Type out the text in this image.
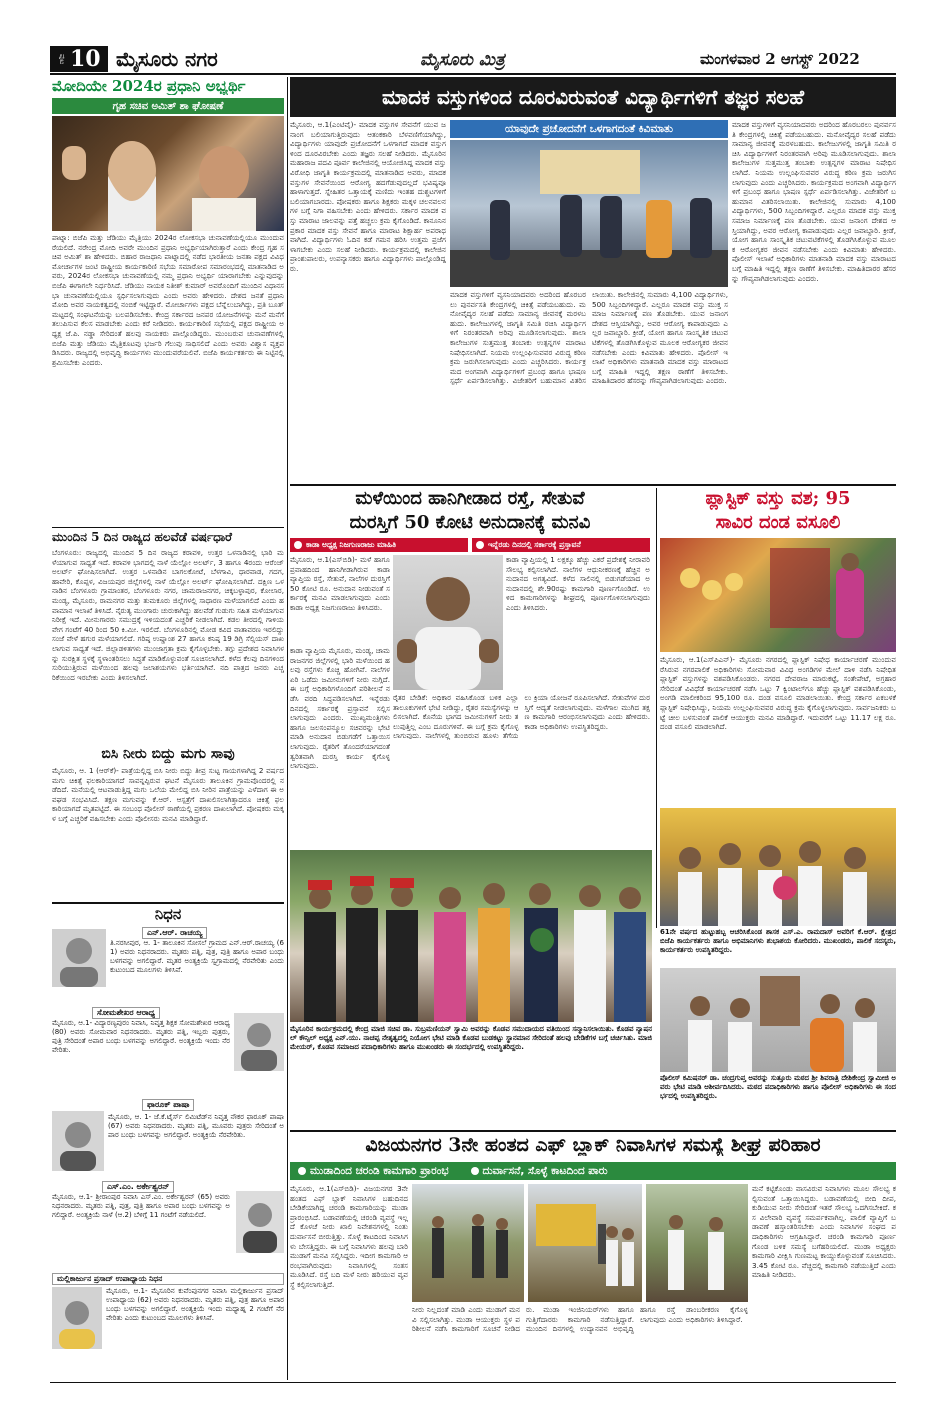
ಪುಟ 10 ಮೈಸೂರು ನಗರ	ಮೈಸೂರು ಮಿತ್ರ	ಮಂಗಳವಾರ 2 ಆಗಸ್ಟ್ 2022
ಮೋದಿಯೇ 2024ರ ಪ್ರಧಾನಿ ಅಭ್ಯರ್ಥಿ
ಗೃಹ ಸಚಿವ ಅಮಿತ್ ಶಾ ಘೋಷಣೆ
ಪಾಟ್ನಾ: ಬಿಜೆಪಿ ಮತ್ತು ಜೆಡಿಯು ಮೈತ್ರಿಯು 2024ರ ಲೋಕಸಭಾ ಚುನಾವಣೆಯಲ್ಲಿಯೂ ಮುಂದುವರೆಯಲಿದೆ. ನರೇಂದ್ರ ಮೋದಿ ಅವರೇ ಮುಂದಿನ ಪ್ರಧಾನಿ ಅಭ್ಯರ್ಥಿಯಾಗಿರುತ್ತಾರೆ ಎಂದು ಕೇಂದ್ರ ಗೃಹ ಸಚಿವ ಅಮಿತ್ ಶಾ ಹೇಳಿದರು. ಬಿಹಾರ ರಾಜಧಾನಿ ಪಾಟ್ನಾದಲ್ಲಿ ನಡೆದ ಭಾರತೀಯ ಜನತಾ ಪಕ್ಷದ ವಿವಿಧ ಮೋರ್ಚಾಗಳ ಜಂಟಿ ರಾಷ್ಟ್ರೀಯ ಕಾರ್ಯಕಾರಿಣಿ ಸಭೆಯ ಸಮಾರೋಪ ಸಮಾರಂಭದಲ್ಲಿ ಮಾತನಾಡಿದ ಅವರು, 2024ರ ಲೋಕಸಭಾ ಚುನಾವಣೆಯಲ್ಲಿ ನಮ್ಮ ಪ್ರಧಾನಿ ಅಭ್ಯರ್ಥಿ ಯಾರಾಗಬೇಕು ಎನ್ನುವುದನ್ನು ಬಿಜೆಪಿ ಈಗಾಗಲೇ ನಿರ್ಧರಿಸಿದೆ. ಜೆಡಿಯು ನಾಯಕ ನಿತೀಶ್ ಕುಮಾರ್ ಅವರೊಂದಿಗೆ ಮುಂದಿನ ವಿಧಾನಸಭಾ ಚುನಾವಣೆಯಲ್ಲಿಯೂ ಸ್ಪರ್ಧಿಸಲಾಗುವುದು ಎಂದು ಅವರು ಹೇಳಿದರು. ದೇಶದ ಜನತೆ ಪ್ರಧಾನಿ ಮೋದಿ ಅವರ ನಾಯಕತ್ವದಲ್ಲಿ ನಂಬಿಕೆ ಇಟ್ಟಿದ್ದಾರೆ. ಮೋರ್ಚಾಗಳು ಪಕ್ಷದ ಬೆನ್ನೆಲುಬಾಗಿದ್ದು, ಪ್ರತಿ ಬೂತ್ ಮಟ್ಟದಲ್ಲಿ ಸಂಘಟನೆಯನ್ನು ಬಲಪಡಿಸಬೇಕು. ಕೇಂದ್ರ ಸರ್ಕಾರದ ಜನಪರ ಯೋಜನೆಗಳನ್ನು ಮನೆ ಮನೆಗೆ ತಲುಪಿಸುವ ಕೆಲಸ ಮಾಡಬೇಕು ಎಂದು ಕರೆ ನೀಡಿದರು. ಕಾರ್ಯಕಾರಿಣಿ ಸಭೆಯಲ್ಲಿ ಪಕ್ಷದ ರಾಷ್ಟ್ರೀಯ ಅಧ್ಯಕ್ಷ ಜೆ.ಪಿ. ನಡ್ಡಾ ಸೇರಿದಂತೆ ಹಲವು ನಾಯಕರು ಪಾಲ್ಗೊಂಡಿದ್ದರು. ಮುಂಬರುವ ಚುನಾವಣೆಗಳಲ್ಲಿ ಬಿಜೆಪಿ ಮತ್ತು ಜೆಡಿಯು ಮೈತ್ರಿಕೂಟವು ಭರ್ಜರಿ ಗೆಲುವು ಸಾಧಿಸಲಿದೆ ಎಂದು ಅವರು ವಿಶ್ವಾಸ ವ್ಯಕ್ತಪಡಿಸಿದರು. ರಾಜ್ಯದಲ್ಲಿ ಅಭಿವೃದ್ಧಿ ಕಾರ್ಯಗಳು ಮುಂದುವರೆಯಲಿವೆ. ಬಿಜೆಪಿ ಕಾರ್ಯಕರ್ತರು ಈ ನಿಟ್ಟಿನಲ್ಲಿ ಶ್ರಮಿಸಬೇಕು ಎಂದರು.
ಮುಂದಿನ 5 ದಿನ ರಾಜ್ಯದ ಹಲವೆಡೆ ವರ್ಷಧಾರೆ
ಬೆಂಗಳೂರು: ರಾಜ್ಯದಲ್ಲಿ ಮುಂದಿನ 5 ದಿನ ರಾಜ್ಯದ ಕರಾವಳಿ, ಉತ್ತರ ಒಳನಾಡಿನಲ್ಲಿ ಭಾರಿ ಮಳೆಯಾಗುವ ಸಾಧ್ಯತೆ ಇದೆ. ಕರಾವಳಿ ಭಾಗದಲ್ಲಿ ನಾಳೆ ಯೆಲ್ಲೋ ಅಲರ್ಟ್, 3 ಹಾಗೂ 4ರಂದು ಆರೆಂಜ್ ಅಲರ್ಟ್ ಘೋಷಿಸಲಾಗಿದೆ. ಉತ್ತರ ಒಳನಾಡಿನ ಬಾಗಲಕೋಟೆ, ಬೆಳಗಾವಿ, ಧಾರವಾಡ, ಗದಗ, ಹಾವೇರಿ, ಕೊಪ್ಪಳ, ವಿಜಯಪುರ ಜಿಲ್ಲೆಗಳಲ್ಲಿ ನಾಳೆ ಯೆಲ್ಲೋ ಅಲರ್ಟ್ ಘೋಷಿಸಲಾಗಿದೆ. ದಕ್ಷಿಣ ಒಳನಾಡಿನ ಬೆಂಗಳೂರು ಗ್ರಾಮಾಂತರ, ಬೆಂಗಳೂರು ನಗರ, ಚಾಮರಾಜನಗರ, ಚಿಕ್ಕಬಳ್ಳಾಪುರ, ಕೋಲಾರ, ಮಂಡ್ಯ, ಮೈಸೂರು, ರಾಮನಗರ ಮತ್ತು ತುಮಕೂರು ಜಿಲ್ಲೆಗಳಲ್ಲಿ ಸಾಧಾರಣ ಮಳೆಯಾಗಲಿದೆ ಎಂದು ಹವಾಮಾನ ಇಲಾಖೆ ತಿಳಿಸಿದೆ. ನೈರುತ್ಯ ಮುಂಗಾರು ಚುರುಕಾಗಿದ್ದು ಹಲವೆಡೆ ಗುಡುಗು ಸಹಿತ ಮಳೆಯಾಗುವ ನಿರೀಕ್ಷೆ ಇದೆ. ಮೀನುಗಾರರು ಸಮುದ್ರಕ್ಕೆ ಇಳಿಯದಂತೆ ಎಚ್ಚರಿಕೆ ನೀಡಲಾಗಿದೆ. ಕಡಲ ತೀರದಲ್ಲಿ ಗಾಳಿಯ ವೇಗ ಗಂಟೆಗೆ 40 ರಿಂದ 50 ಕಿ.ಮೀ. ಇರಲಿದೆ. ಬೆಂಗಳೂರಿನಲ್ಲಿ ಮೋಡ ಕವಿದ ವಾತಾವರಣ ಇರಲಿದ್ದು ಸಂಜೆ ವೇಳೆ ಹಗುರ ಮಳೆಯಾಗಲಿದೆ. ಗರಿಷ್ಠ ಉಷ್ಣಾಂಶ 27 ಹಾಗೂ ಕನಿಷ್ಠ 19 ಡಿಗ್ರಿ ಸೆಲ್ಸಿಯಸ್ ದಾಖಲಾಗುವ ಸಾಧ್ಯತೆ ಇದೆ. ಜಿಲ್ಲಾಡಳಿತಗಳು ಮುಂಜಾಗ್ರತಾ ಕ್ರಮ ಕೈಗೊಳ್ಳಬೇಕು. ತಗ್ಗು ಪ್ರದೇಶದ ನಿವಾಸಿಗಳನ್ನು ಸುರಕ್ಷಿತ ಸ್ಥಳಕ್ಕೆ ಸ್ಥಳಾಂತರಿಸಲು ಸಿದ್ಧತೆ ಮಾಡಿಕೊಳ್ಳುವಂತೆ ಸೂಚಿಸಲಾಗಿದೆ. ಕಳೆದ ಕೆಲವು ದಿನಗಳಿಂದ ಸುರಿಯುತ್ತಿರುವ ಮಳೆಯಿಂದ ಹಲವು ಜಲಾಶಯಗಳು ಭರ್ತಿಯಾಗಿವೆ. ನದಿ ಪಾತ್ರದ ಜನರು ಎಚ್ಚರಿಕೆಯಿಂದ ಇರಬೇಕು ಎಂದು ತಿಳಿಸಲಾಗಿದೆ.
ಬಿಸಿ ನೀರು ಬಿದ್ದು ಮಗು ಸಾವು
ಮೈಸೂರು, ಆ. 1 (ಆರ್‌ಕೆ)- ಪಾತ್ರೆಯಲ್ಲಿದ್ದ ಬಿಸಿ ನೀರು ಬಿದ್ದು ತೀವ್ರ ಸುಟ್ಟ ಗಾಯಗಳಾಗಿದ್ದ 2 ವರ್ಷದ ಮಗು ಚಿಕಿತ್ಸೆ ಫಲಕಾರಿಯಾಗದೆ ಸಾವನ್ನಪ್ಪಿರುವ ಘಟನೆ ಮೈಸೂರು ತಾಲೂಕಿನ ಗ್ರಾಮವೊಂದರಲ್ಲಿ ನಡೆದಿದೆ. ಮನೆಯಲ್ಲಿ ಆಟವಾಡುತ್ತಿದ್ದ ಮಗು ಒಲೆಯ ಮೇಲಿದ್ದ ಬಿಸಿ ನೀರಿನ ಪಾತ್ರೆಯನ್ನು ಎಳೆದಾಗ ಈ ಅವಘಡ ಸಂಭವಿಸಿದೆ. ತಕ್ಷಣ ಮಗುವನ್ನು ಕೆ.ಆರ್. ಆಸ್ಪತ್ರೆಗೆ ದಾಖಲಿಸಲಾಗಿತ್ತಾದರೂ ಚಿಕಿತ್ಸೆ ಫಲಕಾರಿಯಾಗದೆ ಮೃತಪಟ್ಟಿದೆ. ಈ ಸಂಬಂಧ ಪೊಲೀಸ್ ಠಾಣೆಯಲ್ಲಿ ಪ್ರಕರಣ ದಾಖಲಾಗಿದೆ. ಪೋಷಕರು ಮಕ್ಕಳ ಬಗ್ಗೆ ಎಚ್ಚರಿಕೆ ವಹಿಸಬೇಕು ಎಂದು ಪೊಲೀಸರು ಮನವಿ ಮಾಡಿದ್ದಾರೆ.
ನಿಧನ
ಎನ್.ಆರ್. ರಾಚಯ್ಯ
ತಿ.ನರಸೀಪುರ, ಆ. 1- ತಾಲೂಕಿನ ಸೋಸಲೆ ಗ್ರಾಮದ ಎನ್.ಆರ್.ರಾಚಯ್ಯ (61) ಅವರು ನಿಧನರಾದರು. ಮೃತರು ಪತ್ನಿ, ಪುತ್ರ, ಪುತ್ರಿ ಹಾಗೂ ಅಪಾರ ಬಂಧು ಬಳಗವನ್ನು ಅಗಲಿದ್ದಾರೆ. ಮೃತರ ಅಂತ್ಯಕ್ರಿಯೆ ಸ್ವಗ್ರಾಮದಲ್ಲಿ ನೆರವೇರಿತು ಎಂದು ಕುಟುಂಬದ ಮೂಲಗಳು ತಿಳಿಸಿವೆ.
ಸೋಮಶೇಖರ ಆರಾಧ್ಯ
ಮೈಸೂರು, ಆ.1- ವಿದ್ಯಾರಣ್ಯಪುರಂ ನಿವಾಸಿ, ನಿವೃತ್ತ ಶಿಕ್ಷಕ ಸೋಮಶೇಖರ ಆರಾಧ್ಯ (80) ಅವರು ಸೋಮವಾರ ನಿಧನರಾದರು. ಮೃತರು ಪತ್ನಿ, ಇಬ್ಬರು ಪುತ್ರರು, ಪುತ್ರಿ ಸೇರಿದಂತೆ ಅಪಾರ ಬಂಧು ಬಳಗವನ್ನು ಅಗಲಿದ್ದಾರೆ. ಅಂತ್ಯಕ್ರಿಯೆ ಇಂದು ನೆರವೇರಿತು.
ಫಾರೂಕ್ ಪಾಷಾ
ಮೈಸೂರು, ಆ. 1- ಜೆ.ಕೆ.ಟೈರ್ಸ್ ಲಿಮಿಟೆಡ್‌ನ ನಿವೃತ್ತ ನೌಕರ ಫಾರೂಕ್ ಪಾಷಾ (67) ಅವರು ನಿಧನರಾದರು. ಮೃತರು ಪತ್ನಿ, ಮೂವರು ಪುತ್ರರು ಸೇರಿದಂತೆ ಅಪಾರ ಬಂಧು ಬಳಗವನ್ನು ಅಗಲಿದ್ದಾರೆ. ಅಂತ್ಯಕ್ರಿಯೆ ನೆರವೇರಿತು.
ಎಸ್.ಎಂ. ಅರ್ಕೇಶ್ವರನ್
ಮೈಸೂರು, ಆ.1- ಶ್ರೀರಾಂಪುರ ನಿವಾಸಿ ಎಸ್.ಎಂ. ಅರ್ಕೇಶ್ವರನ್ (65) ಅವರು ನಿಧನರಾದರು. ಮೃತರು ಪತ್ನಿ, ಪುತ್ರ, ಪುತ್ರಿ ಹಾಗೂ ಅಪಾರ ಬಂಧು ಬಳಗವನ್ನು ಅಗಲಿದ್ದಾರೆ. ಅಂತ್ಯಕ್ರಿಯೆ ನಾಳೆ (ಆ.2) ಬೆಳಿಗ್ಗೆ 11 ಗಂಟೆಗೆ ನಡೆಯಲಿದೆ.
ಮಲ್ಲಿಕಾರ್ಜುನ ಪ್ರಸಾದ್ ಉಪಾಧ್ಯಾಯ ನಿಧನ
ಮೈಸೂರು, ಆ.1- ಮೈಸೂರಿನ ಕುವೆಂಪುನಗರ ನಿವಾಸಿ ಮಲ್ಲಿಕಾರ್ಜುನ ಪ್ರಸಾದ್ ಉಪಾಧ್ಯಾಯ (62) ಅವರು ನಿಧನರಾದರು. ಮೃತರು ಪತ್ನಿ, ಪುತ್ರ ಹಾಗೂ ಅಪಾರ ಬಂಧು ಬಳಗವನ್ನು ಅಗಲಿದ್ದಾರೆ. ಅಂತ್ಯಕ್ರಿಯೆ ಇಂದು ಮಧ್ಯಾಹ್ನ 2 ಗಂಟೆಗೆ ನೆರವೇರಿತು ಎಂದು ಕುಟುಂಬದ ಮೂಲಗಳು ತಿಳಿಸಿವೆ.
ಮಾದಕ ವಸ್ತುಗಳಿಂದ ದೂರವಿರುವಂತೆ ವಿದ್ಯಾರ್ಥಿಗಳಿಗೆ ತಜ್ಞರ ಸಲಹೆ
ಮೈಸೂರು, ಆ.1(ಎಂಟಿವೈ)- ಮಾದಕ ವಸ್ತುಗಳ ಸೇವನೆಗೆ ಯುವ ಜನಾಂಗ ಬಲಿಯಾಗುತ್ತಿರುವುದು ಆತಂಕಕಾರಿ ಬೆಳವಣಿಗೆಯಾಗಿದ್ದು, ವಿದ್ಯಾರ್ಥಿಗಳು ಯಾವುದೇ ಪ್ರಚೋದನೆಗೆ ಒಳಗಾಗದೆ ಮಾದಕ ವಸ್ತುಗಳಿಂದ ದೂರವಿರಬೇಕು ಎಂದು ತಜ್ಞರು ಸಲಹೆ ನೀಡಿದರು. ಮೈಸೂರಿನ ಮಹಾರಾಜ ಪದವಿ ಪೂರ್ವ ಕಾಲೇಜಿನಲ್ಲಿ ಆಯೋಜಿಸಿದ್ದ ಮಾದಕ ವಸ್ತು ವಿರೋಧಿ ಜಾಗೃತಿ ಕಾರ್ಯಕ್ರಮದಲ್ಲಿ ಮಾತನಾಡಿದ ಅವರು, ಮಾದಕ ವಸ್ತುಗಳ ಸೇವನೆಯಿಂದ ಆರೋಗ್ಯ ಹದಗೆಡುವುದಲ್ಲದೆ ಭವಿಷ್ಯವೂ ಹಾಳಾಗುತ್ತದೆ. ಸ್ನೇಹಿತರ ಒತ್ತಾಯಕ್ಕೆ ಮಣಿದು ಇಂತಹ ದುಶ್ಚಟಗಳಿಗೆ ಬಲಿಯಾಗಬಾರದು. ಪೋಷಕರು ಹಾಗೂ ಶಿಕ್ಷಕರು ಮಕ್ಕಳ ಚಲನವಲನಗಳ ಬಗ್ಗೆ ನಿಗಾ ವಹಿಸಬೇಕು ಎಂದು ಹೇಳಿದರು. ಸರ್ಕಾರ ಮಾದಕ ವಸ್ತು ಮಾರಾಟ ಜಾಲವನ್ನು ಪತ್ತೆ ಹಚ್ಚಲು ಕ್ರಮ ಕೈಗೊಂಡಿದೆ. ಕಾನೂನಿನ ಪ್ರಕಾರ ಮಾದಕ ವಸ್ತು ಸೇವನೆ ಹಾಗೂ ಮಾರಾಟ ಶಿಕ್ಷಾರ್ಹ ಅಪರಾಧವಾಗಿದೆ. ವಿದ್ಯಾರ್ಥಿಗಳು ಓದಿನ ಕಡೆ ಗಮನ ಹರಿಸಿ ಉತ್ತಮ ಪ್ರಜೆಗಳಾಗಬೇಕು ಎಂದು ಸಲಹೆ ನೀಡಿದರು. ಕಾರ್ಯಕ್ರಮದಲ್ಲಿ ಕಾಲೇಜಿನ ಪ್ರಾಂಶುಪಾಲರು, ಉಪನ್ಯಾಸಕರು ಹಾಗೂ ವಿದ್ಯಾರ್ಥಿಗಳು ಪಾಲ್ಗೊಂಡಿದ್ದರು.
ಯಾವುದೇ ಪ್ರಚೋದನೆಗೆ ಒಳಗಾಗದಂತೆ ಕಿವಿಮಾತು	ಮಾದಕ ವಸ್ತುಗಳಿಗೆ ವ್ಯಸನಿಯಾದವರು ಅದರಿಂದ ಹೊರಬರಲು ಪುನರ್ವಸತಿ ಕೇಂದ್ರಗಳಲ್ಲಿ ಚಿಕಿತ್ಸೆ ಪಡೆಯಬಹುದು. ಮನೋವೈದ್ಯರ ಸಲಹೆ ಪಡೆದು ಸಾಮಾನ್ಯ ಜೀವನಕ್ಕೆ ಮರಳಬಹುದು. ಕಾಲೇಜುಗಳಲ್ಲಿ ಜಾಗೃತಿ ಸಮಿತಿ ರಚಿಸಿ ವಿದ್ಯಾರ್ಥಿಗಳಿಗೆ ನಿರಂತರವಾಗಿ ಅರಿವು ಮೂಡಿಸಲಾಗುವುದು. ಶಾಲಾ ಕಾಲೇಜುಗಳ ಸುತ್ತಮುತ್ತ ತಂಬಾಕು ಉತ್ಪನ್ನಗಳ ಮಾರಾಟ ನಿಷೇಧಿಸಲಾಗಿದೆ. ನಿಯಮ ಉಲ್ಲಂಘಿಸುವವರ ವಿರುದ್ಧ ಕಠಿಣ ಕ್ರಮ ಜರುಗಿಸಲಾಗುವುದು ಎಂದು ಎಚ್ಚರಿಸಿದರು. ಕಾರ್ಯಕ್ರಮದ ಅಂಗವಾಗಿ ವಿದ್ಯಾರ್ಥಿಗಳಿಗೆ ಪ್ರಬಂಧ ಹಾಗೂ ಭಾಷಣ ಸ್ಪರ್ಧೆ ಏರ್ಪಡಿಸಲಾಗಿತ್ತು. ವಿಜೇತರಿಗೆ ಬಹುಮಾನ ವಿತರಿಸಲಾಯಿತು. ಕಾಲೇಜಿನಲ್ಲಿ ಸುಮಾರು 4,100 ವಿದ್ಯಾರ್ಥಿಗಳು, 500 ಸಿಬ್ಬಂದಿಗಳಿದ್ದಾರೆ. ಎಲ್ಲರೂ ಮಾದಕ ವಸ್ತು ಮುಕ್ತ ಸಮಾಜ ನಿರ್ಮಾಣಕ್ಕೆ ಪಣ ತೊಡಬೇಕು. ಯುವ ಜನಾಂಗ ದೇಶದ ಆಸ್ತಿಯಾಗಿದ್ದು, ಅವರ ಆರೋಗ್ಯ ಕಾಪಾಡುವುದು ಎಲ್ಲರ ಜವಾಬ್ದಾರಿ. ಕ್ರೀಡೆ, ಯೋಗ ಹಾಗೂ ಸಾಂಸ್ಕೃತಿಕ ಚಟುವಟಿಕೆಗಳಲ್ಲಿ ತೊಡಗಿಸಿಕೊಳ್ಳುವ ಮೂಲಕ ಆರೋಗ್ಯಕರ ಜೀವನ ನಡೆಸಬೇಕು ಎಂದು ಕಿವಿಮಾತು ಹೇಳಿದರು. ಪೊಲೀಸ್ ಇಲಾಖೆ ಅಧಿಕಾರಿಗಳು ಮಾತನಾಡಿ ಮಾದಕ ವಸ್ತು ಮಾರಾಟದ ಬಗ್ಗೆ ಮಾಹಿತಿ ಇದ್ದಲ್ಲಿ ತಕ್ಷಣ ಠಾಣೆಗೆ ತಿಳಿಸಬೇಕು. ಮಾಹಿತಿದಾರರ ಹೆಸರನ್ನು ಗೌಪ್ಯವಾಗಿಡಲಾಗುವುದು ಎಂದರು.
ಮಾದಕ ವಸ್ತುಗಳಿಗೆ ವ್ಯಸನಿಯಾದವರು ಅದರಿಂದ ಹೊರಬರಲು ಪುನರ್ವಸತಿ ಕೇಂದ್ರಗಳಲ್ಲಿ ಚಿಕಿತ್ಸೆ ಪಡೆಯಬಹುದು. ಮನೋವೈದ್ಯರ ಸಲಹೆ ಪಡೆದು ಸಾಮಾನ್ಯ ಜೀವನಕ್ಕೆ ಮರಳಬಹುದು. ಕಾಲೇಜುಗಳಲ್ಲಿ ಜಾಗೃತಿ ಸಮಿತಿ ರಚಿಸಿ ವಿದ್ಯಾರ್ಥಿಗಳಿಗೆ ನಿರಂತರವಾಗಿ ಅರಿವು ಮೂಡಿಸಲಾಗುವುದು. ಶಾಲಾ ಕಾಲೇಜುಗಳ ಸುತ್ತಮುತ್ತ ತಂಬಾಕು ಉತ್ಪನ್ನಗಳ ಮಾರಾಟ ನಿಷೇಧಿಸಲಾಗಿದೆ. ನಿಯಮ ಉಲ್ಲಂಘಿಸುವವರ ವಿರುದ್ಧ ಕಠಿಣ ಕ್ರಮ ಜರುಗಿಸಲಾಗುವುದು ಎಂದು ಎಚ್ಚರಿಸಿದರು. ಕಾರ್ಯಕ್ರಮದ ಅಂಗವಾಗಿ ವಿದ್ಯಾರ್ಥಿಗಳಿಗೆ ಪ್ರಬಂಧ ಹಾಗೂ ಭಾಷಣ ಸ್ಪರ್ಧೆ ಏರ್ಪಡಿಸಲಾಗಿತ್ತು. ವಿಜೇತರಿಗೆ ಬಹುಮಾನ ವಿತರಿಸಲಾಯಿತು. ಕಾಲೇಜಿನಲ್ಲಿ ಸುಮಾರು 4,100 ವಿದ್ಯಾರ್ಥಿಗಳು, 500 ಸಿಬ್ಬಂದಿಗಳಿದ್ದಾರೆ. ಎಲ್ಲರೂ ಮಾದಕ ವಸ್ತು ಮುಕ್ತ ಸಮಾಜ ನಿರ್ಮಾಣಕ್ಕೆ ಪಣ ತೊಡಬೇಕು. ಯುವ ಜನಾಂಗ ದೇಶದ ಆಸ್ತಿಯಾಗಿದ್ದು, ಅವರ ಆರೋಗ್ಯ ಕಾಪಾಡುವುದು ಎಲ್ಲರ ಜವಾಬ್ದಾರಿ. ಕ್ರೀಡೆ, ಯೋಗ ಹಾಗೂ ಸಾಂಸ್ಕೃತಿಕ ಚಟುವಟಿಕೆಗಳಲ್ಲಿ ತೊಡಗಿಸಿಕೊಳ್ಳುವ ಮೂಲಕ ಆರೋಗ್ಯಕರ ಜೀವನ ನಡೆಸಬೇಕು ಎಂದು ಕಿವಿಮಾತು ಹೇಳಿದರು. ಪೊಲೀಸ್ ಇಲಾಖೆ ಅಧಿಕಾರಿಗಳು ಮಾತನಾಡಿ ಮಾದಕ ವಸ್ತು ಮಾರಾಟದ ಬಗ್ಗೆ ಮಾಹಿತಿ ಇದ್ದಲ್ಲಿ ತಕ್ಷಣ ಠಾಣೆಗೆ ತಿಳಿಸಬೇಕು. ಮಾಹಿತಿದಾರರ ಹೆಸರನ್ನು ಗೌಪ್ಯವಾಗಿಡಲಾಗುವುದು ಎಂದರು.
ಮಳೆಯಿಂದ ಹಾನಿಗೀಡಾದ ರಸ್ತೆ, ಸೇತುವೆ
ದುರಸ್ತಿಗೆ 50 ಕೋಟಿ ಅನುದಾನಕ್ಕೆ ಮನವಿ
ಕಾಡಾ ಅಧ್ಯಕ್ಷ ನಿಜಗುಣರಾಜು ಮಾಹಿತಿ	ಇನ್ನೆರಡು ದಿನದಲ್ಲಿ ಸರ್ಕಾರಕ್ಕೆ ಪ್ರಸ್ತಾವನೆ
ಮೈಸೂರು, ಆ.1(ಎಸ್‌ಬಿಡಿ)- ಮಳೆ ಹಾಗೂ ಪ್ರವಾಹದಿಂದ ಹಾನಿಗೀಡಾಗಿರುವ ಕಾಡಾ ವ್ಯಾಪ್ತಿಯ ರಸ್ತೆ, ಸೇತುವೆ, ನಾಲೆಗಳ ದುರಸ್ತಿಗೆ 50 ಕೋಟಿ ರೂ. ಅನುದಾನ ನೀಡುವಂತೆ ಸರ್ಕಾರಕ್ಕೆ ಮನವಿ ಮಾಡಲಾಗುವುದು ಎಂದು ಕಾಡಾ ಅಧ್ಯಕ್ಷ ನಿಜಗುಣರಾಜು ತಿಳಿಸಿದರು.
ಕಾಡಾ ವ್ಯಾಪ್ತಿಯಲ್ಲಿ 1 ಲಕ್ಷಕ್ಕೂ ಹೆಚ್ಚು ಎಕರೆ ಪ್ರದೇಶಕ್ಕೆ ನೀರಾವರಿ ಸೌಲಭ್ಯ ಕಲ್ಪಿಸಲಾಗಿದೆ. ನಾಲೆಗಳ ಆಧುನೀಕರಣಕ್ಕೆ ಹೆಚ್ಚಿನ ಅನುದಾನದ ಅಗತ್ಯವಿದೆ. ಕಳೆದ ಸಾಲಿನಲ್ಲಿ ಬಿಡುಗಡೆಯಾದ ಅನುದಾನದಲ್ಲಿ ಶೇ.90ರಷ್ಟು ಕಾಮಗಾರಿ ಪೂರ್ಣಗೊಂಡಿದೆ. ಉಳಿದ ಕಾಮಗಾರಿಗಳನ್ನು ಶೀಘ್ರದಲ್ಲಿ ಪೂರ್ಣಗೊಳಿಸಲಾಗುವುದು ಎಂದು ತಿಳಿಸಿದರು.
ಕಾಡಾ ವ್ಯಾಪ್ತಿಯ ಮೈಸೂರು, ಮಂಡ್ಯ, ಚಾಮರಾಜನಗರ ಜಿಲ್ಲೆಗಳಲ್ಲಿ ಭಾರಿ ಮಳೆಯಿಂದ ಹಲವು ರಸ್ತೆಗಳು ಕೊಚ್ಚಿ ಹೋಗಿವೆ. ನಾಲೆಗಳ ಏರಿ ಒಡೆದು ಜಮೀನುಗಳಿಗೆ ನೀರು ನುಗ್ಗಿದೆ. ಈ ಬಗ್ಗೆ ಅಧಿಕಾರಿಗಳೊಂದಿಗೆ ಪರಿಶೀಲನೆ ನಡೆಸಿ ವರದಿ ಸಿದ್ಧಪಡಿಸಲಾಗಿದೆ. ಇನ್ನೆರಡು ದಿನದಲ್ಲಿ ಸರ್ಕಾರಕ್ಕೆ ಪ್ರಸ್ತಾವನೆ ಸಲ್ಲಿಸಲಾಗುವುದು ಎಂದರು. ಮುಖ್ಯಮಂತ್ರಿಗಳು ಹಾಗೂ ಜಲಸಂಪನ್ಮೂಲ ಸಚಿವರನ್ನು ಭೇಟಿ ಮಾಡಿ ಅನುದಾನ ಬಿಡುಗಡೆಗೆ ಒತ್ತಾಯಿಸಲಾಗುವುದು. ರೈತರಿಗೆ ತೊಂದರೆಯಾಗದಂತೆ ತ್ವರಿತವಾಗಿ ದುರಸ್ತಿ ಕಾರ್ಯ ಕೈಗೊಳ್ಳಲಾಗುವುದು.
ರೈತರ ಬೇಡಿಕೆ: ಅಧಿಕಾರ ವಹಿಸಿಕೊಂಡ ಬಳಿಕ ಎಲ್ಲಾ ತಾಲೂಕುಗಳಿಗೆ ಭೇಟಿ ನೀಡಿದ್ದು, ರೈತರ ಸಮಸ್ಯೆಗಳನ್ನು ಆಲಿಸಲಾಗಿದೆ. ಕೊನೆಯ ಭಾಗದ ಜಮೀನುಗಳಿಗೆ ನೀರು ತಲುಪುತ್ತಿಲ್ಲ ಎಂಬ ದೂರುಗಳಿವೆ. ಈ ಬಗ್ಗೆ ಕ್ರಮ ಕೈಗೊಳ್ಳಲಾಗುವುದು. ನಾಲೆಗಳಲ್ಲಿ ತುಂಬಿರುವ ಹೂಳು ತೆಗೆಯಲು ಕ್ರಿಯಾ ಯೋಜನೆ ರೂಪಿಸಲಾಗಿದೆ. ಸೇತುವೆಗಳ ದುರಸ್ತಿಗೆ ಆದ್ಯತೆ ನೀಡಲಾಗುವುದು. ಮಳೆಗಾಲ ಮುಗಿದ ತಕ್ಷಣ ಕಾಮಗಾರಿ ಆರಂಭಿಸಲಾಗುವುದು ಎಂದು ಹೇಳಿದರು. ಕಾಡಾ ಅಧಿಕಾರಿಗಳು ಉಪಸ್ಥಿತರಿದ್ದರು.
ಪ್ಲಾಸ್ಟಿಕ್ ವಸ್ತು ವಶ; 95
ಸಾವಿರ ದಂಡ ವಸೂಲಿ
ಮೈಸೂರು, ಆ.1(ಎಸ್‌ಪಿಎನ್)- ಮೈಸೂರು ನಗರದಲ್ಲಿ ಪ್ಲಾಸ್ಟಿಕ್ ನಿಷೇಧ ಕಾರ್ಯಾಚರಣೆ ಮುಂದುವರೆಸಿರುವ ನಗರಪಾಲಿಕೆ ಅಧಿಕಾರಿಗಳು ಸೋಮವಾರ ವಿವಿಧ ಅಂಗಡಿಗಳ ಮೇಲೆ ದಾಳಿ ನಡೆಸಿ ನಿಷೇಧಿತ ಪ್ಲಾಸ್ಟಿಕ್ ವಸ್ತುಗಳನ್ನು ವಶಪಡಿಸಿಕೊಂಡರು. ನಗರದ ದೇವರಾಜ ಮಾರುಕಟ್ಟೆ, ಸಂತೇಪೇಟೆ, ಅಗ್ರಹಾರ ಸೇರಿದಂತೆ ವಿವಿಧೆಡೆ ಕಾರ್ಯಾಚರಣೆ ನಡೆಸಿ ಒಟ್ಟು 7 ಕ್ವಿಂಟಾಲ್‌ಗೂ ಹೆಚ್ಚು ಪ್ಲಾಸ್ಟಿಕ್ ವಶಪಡಿಸಿಕೊಂಡು, ಅಂಗಡಿ ಮಾಲೀಕರಿಂದ 95,100 ರೂ. ದಂಡ ವಸೂಲಿ ಮಾಡಲಾಯಿತು. ಕೇಂದ್ರ ಸರ್ಕಾರ ಏಕಬಳಕೆ ಪ್ಲಾಸ್ಟಿಕ್ ನಿಷೇಧಿಸಿದ್ದು, ನಿಯಮ ಉಲ್ಲಂಘಿಸುವವರ ವಿರುದ್ಧ ಕ್ರಮ ಕೈಗೊಳ್ಳಲಾಗುವುದು. ಸಾರ್ವಜನಿಕರು ಬಟ್ಟೆ ಚೀಲ ಬಳಸುವಂತೆ ಪಾಲಿಕೆ ಆಯುಕ್ತರು ಮನವಿ ಮಾಡಿದ್ದಾರೆ. ಇದುವರೆಗೆ ಒಟ್ಟು 11.17 ಲಕ್ಷ ರೂ. ದಂಡ ವಸೂಲಿ ಮಾಡಲಾಗಿದೆ.
61ನೇ ವರ್ಷದ ಹುಟ್ಟುಹಬ್ಬ ಆಚರಿಸಿಕೊಂಡ ಶಾಸಕ ಎಸ್.ಎ. ರಾಮದಾಸ್ ಅವರಿಗೆ ಕೆ.ಆರ್. ಕ್ಷೇತ್ರದ ಬಿಜೆಪಿ ಕಾರ್ಯಕರ್ತರು ಹಾಗೂ ಅಭಿಮಾನಿಗಳು ಶುಭಾಶಯ ಕೋರಿದರು. ಮುಖಂಡರು, ಪಾಲಿಕೆ ಸದಸ್ಯರು, ಕಾರ್ಯಕರ್ತರು ಉಪಸ್ಥಿತರಿದ್ದರು.
ಪೊಲೀಸ್ ಕಮಿಷನರ್ ಡಾ. ಚಂದ್ರಗುಪ್ತ ಅವರನ್ನು ಸುತ್ತೂರು ಮಠದ ಶ್ರೀ ಶಿವರಾತ್ರಿ ದೇಶಿಕೇಂದ್ರ ಸ್ವಾಮೀಜಿ ಅವರು ಭೇಟಿ ಮಾಡಿ ಆಶೀರ್ವದಿಸಿದರು. ಮಠದ ಪದಾಧಿಕಾರಿಗಳು ಹಾಗೂ ಪೊಲೀಸ್ ಅಧಿಕಾರಿಗಳು ಈ ಸಂದರ್ಭದಲ್ಲಿ ಉಪಸ್ಥಿತರಿದ್ದರು.
ಮೈಸೂರಿನ ಕಾರ್ಯಕ್ರಮದಲ್ಲಿ ಕೇಂದ್ರ ಮಾಜಿ ಸಚಿವ ಡಾ. ಸುಬ್ರಮಣಿಯನ್ ಸ್ವಾಮಿ ಅವರನ್ನು ಕೊಡವ ಸಮುದಾಯದ ವತಿಯಿಂದ ಸನ್ಮಾನಿಸಲಾಯಿತು. ಕೊಡವ ನ್ಯಾಷನಲ್ ಕೌನ್ಸಿಲ್ ಅಧ್ಯಕ್ಷ ಎನ್.ಯು. ನಾಚಪ್ಪ ನೇತೃತ್ವದಲ್ಲಿ ನಿಯೋಗ ಭೇಟಿ ಮಾಡಿ ಕೊಡವ ಬುಡಕಟ್ಟು ಸ್ಥಾನಮಾನ ಸೇರಿದಂತೆ ಹಲವು ಬೇಡಿಕೆಗಳ ಬಗ್ಗೆ ಚರ್ಚಿಸಿತು. ಮಾಜಿ ಮೇಯರ್, ಕೊಡವ ಸಮಾಜದ ಪದಾಧಿಕಾರಿಗಳು ಹಾಗೂ ಮುಖಂಡರು ಈ ಸಂದರ್ಭದಲ್ಲಿ ಉಪಸ್ಥಿತರಿದ್ದರು.
ವಿಜಯನಗರ 3ನೇ ಹಂತದ ಎಫ್ ಬ್ಲಾಕ್ ನಿವಾಸಿಗಳ ಸಮಸ್ಯೆ ಶೀಘ್ರ ಪರಿಹಾರ
ಮುಡಾದಿಂದ ಚರಂಡಿ ಕಾಮಗಾರಿ ಪ್ರಾರಂಭ	ದುರ್ವಾಸನೆ, ಸೊಳ್ಳೆ ಕಾಟದಿಂದ ಪಾರು
ಮೈಸೂರು, ಆ.1(ಎಸ್‌ಬಿಡಿ)- ವಿಜಯನಗರ 3ನೇ ಹಂತದ ಎಫ್ ಬ್ಲಾಕ್ ನಿವಾಸಿಗಳ ಬಹುದಿನದ ಬೇಡಿಕೆಯಾಗಿದ್ದ ಚರಂಡಿ ಕಾಮಗಾರಿಯನ್ನು ಮುಡಾ ಪ್ರಾರಂಭಿಸಿದೆ. ಬಡಾವಣೆಯಲ್ಲಿ ಚರಂಡಿ ವ್ಯವಸ್ಥೆ ಇಲ್ಲದೆ ಕೊಳಚೆ ನೀರು ಖಾಲಿ ನಿವೇಶನಗಳಲ್ಲಿ ನಿಂತು ದುರ್ವಾಸನೆ ಬೀರುತ್ತಿತ್ತು. ಸೊಳ್ಳೆ ಕಾಟದಿಂದ ನಿವಾಸಿಗಳು ಬೇಸತ್ತಿದ್ದರು. ಈ ಬಗ್ಗೆ ನಿವಾಸಿಗಳು ಹಲವು ಬಾರಿ ಮುಡಾಗೆ ಮನವಿ ಸಲ್ಲಿಸಿದ್ದರು. ಇದೀಗ ಕಾಮಗಾರಿ ಆರಂಭವಾಗಿರುವುದು ನಿವಾಸಿಗಳಲ್ಲಿ ಸಂತಸ ಮೂಡಿಸಿದೆ. ರಸ್ತೆ ಬದಿ ಮಳೆ ನೀರು ಹರಿಯುವ ವ್ಯವಸ್ಥೆ ಕಲ್ಪಿಸಲಾಗುತ್ತಿದೆ.
ನೀರು ನಿಲ್ಲದಂತೆ ಮಾಡಿ ಎಂದು ಮುಡಾಗೆ ಮನವಿ ಸಲ್ಲಿಸಲಾಗಿತ್ತು. ಮುಡಾ ಆಯುಕ್ತರು ಸ್ಥಳ ಪರಿಶೀಲನೆ ನಡೆಸಿ ಕಾಮಗಾರಿಗೆ ಸೂಚನೆ ನೀಡಿದರು. ಮುಡಾ ಇಂಜಿನಿಯರ್‌ಗಳು ಹಾಗೂ ಗುತ್ತಿಗೆದಾರರು ಕಾಮಗಾರಿ ನಡೆಸುತ್ತಿದ್ದಾರೆ. ಮುಂದಿನ ದಿನಗಳಲ್ಲಿ ಉದ್ಯಾನವನ ಅಭಿವೃದ್ಧಿ ಹಾಗೂ ರಸ್ತೆ ಡಾಂಬರೀಕರಣ ಕೈಗೊಳ್ಳಲಾಗುವುದು ಎಂದು ಅಧಿಕಾರಿಗಳು ತಿಳಿಸಿದ್ದಾರೆ.
ಮನೆ ಕಟ್ಟಿಕೊಂಡು ವಾಸವಿರುವ ನಿವಾಸಿಗಳು ಮೂಲ ಸೌಲಭ್ಯ ಕಲ್ಪಿಸುವಂತೆ ಒತ್ತಾಯಿಸಿದ್ದರು. ಬಡಾವಣೆಯಲ್ಲಿ ಬೀದಿ ದೀಪ, ಕುಡಿಯುವ ನೀರು ಸೇರಿದಂತೆ ಇತರೆ ಸೌಲಭ್ಯ ಒದಗಿಸಬೇಕಿದೆ. ಕಸ ವಿಲೇವಾರಿ ವ್ಯವಸ್ಥೆ ಸಮರ್ಪಕವಾಗಿಲ್ಲ. ಪಾಲಿಕೆ ವ್ಯಾಪ್ತಿಗೆ ಬಡಾವಣೆ ಹಸ್ತಾಂತರಿಸಬೇಕು ಎಂದು ನಿವಾಸಿಗಳ ಸಂಘದ ಪದಾಧಿಕಾರಿಗಳು ಆಗ್ರಹಿಸಿದ್ದಾರೆ. ಚರಂಡಿ ಕಾಮಗಾರಿ ಪೂರ್ಣಗೊಂಡ ಬಳಿಕ ಸಮಸ್ಯೆ ಬಗೆಹರಿಯಲಿದೆ. ಮುಡಾ ಅಧ್ಯಕ್ಷರು ಕಾಮಗಾರಿ ವೀಕ್ಷಿಸಿ ಗುಣಮಟ್ಟ ಕಾಯ್ದುಕೊಳ್ಳುವಂತೆ ಸೂಚಿಸಿದರು. 3.45 ಕೋಟಿ ರೂ. ವೆಚ್ಚದಲ್ಲಿ ಕಾಮಗಾರಿ ನಡೆಯುತ್ತಿದೆ ಎಂದು ಮಾಹಿತಿ ನೀಡಿದರು.
